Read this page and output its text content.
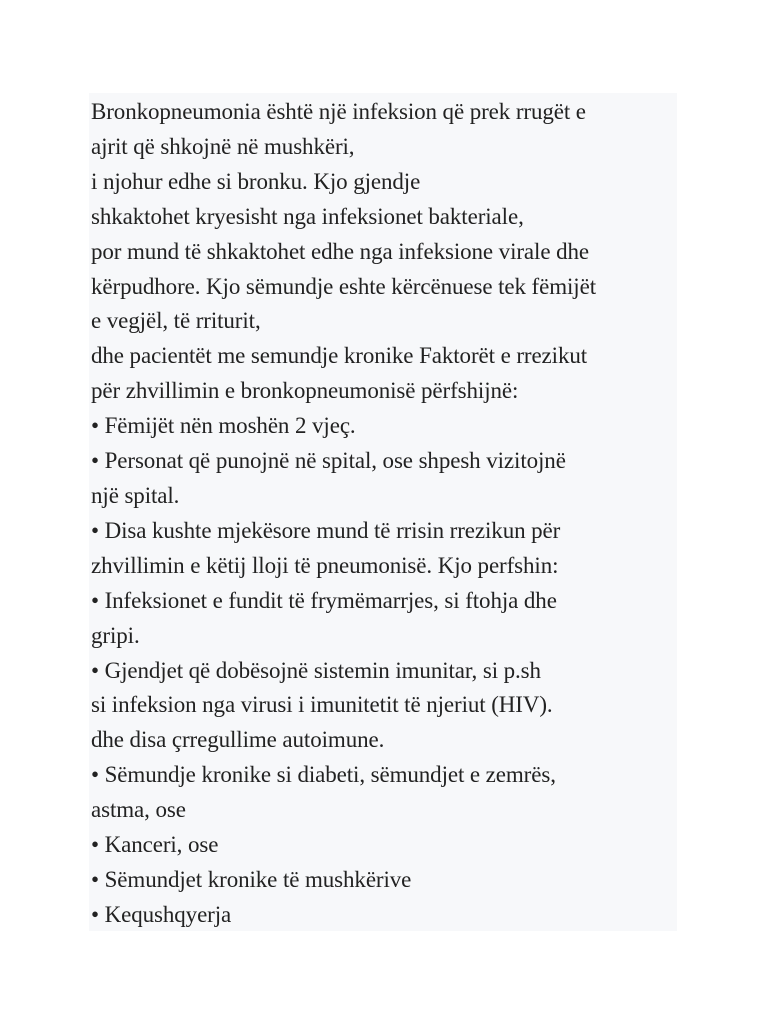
Bronkopneumonia është një infeksion që prek rrugët e

ajrit që shkojnë në mushkëri,

i njohur edhe si bronku. Kjo gjendje

shkaktohet kryesisht nga infeksionet bakteriale,

por mund të shkaktohet edhe nga infeksione virale dhe

kërpudhore. Kjo sëmundje eshte kërcënuese tek fëmijët

e vegjël, të rriturit,

dhe pacientët me semundje kronike Faktorët e rrezikut

për zhvillimin e bronkopneumonisë përfshijnë:

• Fëmijët nën moshën 2 vjeç.

• Personat që punojnë në spital, ose shpesh vizitojnë

një spital.

• Disa kushte mjekësore mund të rrisin rrezikun për

zhvillimin e këtij lloji të pneumonisë. Kjo perfshin:

• Infeksionet e fundit të frymëmarrjes, si ftohja dhe

gripi.

• Gjendjet që dobësojnë sistemin imunitar, si p.sh

si infeksion nga virusi i imunitetit të njeriut (HIV).

dhe disa çrregullime autoimune.

• Sëmundje kronike si diabeti, sëmundjet e zemrës,

astma, ose

• Kanceri, ose

• Sëmundjet kronike të mushkërive

• Kequshqyerja
